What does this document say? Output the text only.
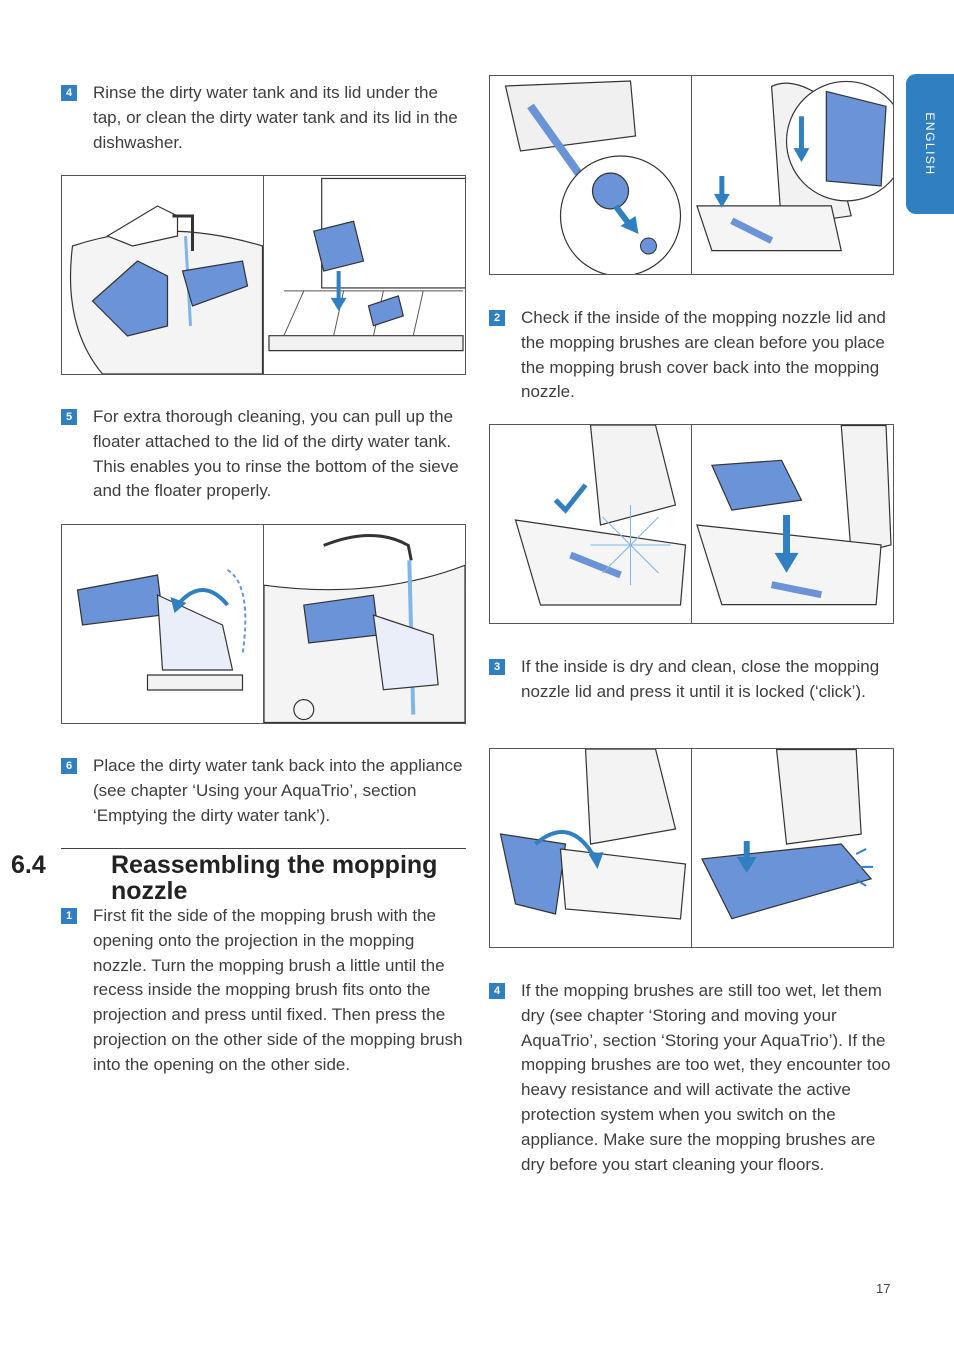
ENGLISH
4 Rinse the dirty water tank and its lid under the tap, or clean the dirty water tank and its lid in the dishwasher.
5 For extra thorough cleaning, you can pull up the floater attached to the lid of the dirty water tank. This enables you to rinse the bottom of the sieve and the floater properly.
6 Place the dirty water tank back into the appliance (see chapter ‘Using your AquaTrio’, section ‘Emptying the dirty water tank’).
6.4	Reassembling the mopping nozzle
1 First fit the side of the mopping brush with the opening onto the projection in the mopping nozzle. Turn the mopping brush a little until the recess inside the mopping brush fits onto the projection and press until fixed. Then press the projection on the other side of the mopping brush into the opening on the other side.
2 Check if the inside of the mopping nozzle lid and the mopping brushes are clean before you place the mopping brush cover back into the mopping nozzle.
3 If the inside is dry and clean, close the mopping nozzle lid and press it until it is locked (‘click’).
4 If the mopping brushes are still too wet, let them dry (see chapter ‘Storing and moving your AquaTrio’, section ‘Storing your AquaTrio’). If the mopping brushes are too wet, they encounter too heavy resistance and will activate the active protection system when you switch on the appliance. Make sure the mopping brushes are dry before you start cleaning your floors.
17
